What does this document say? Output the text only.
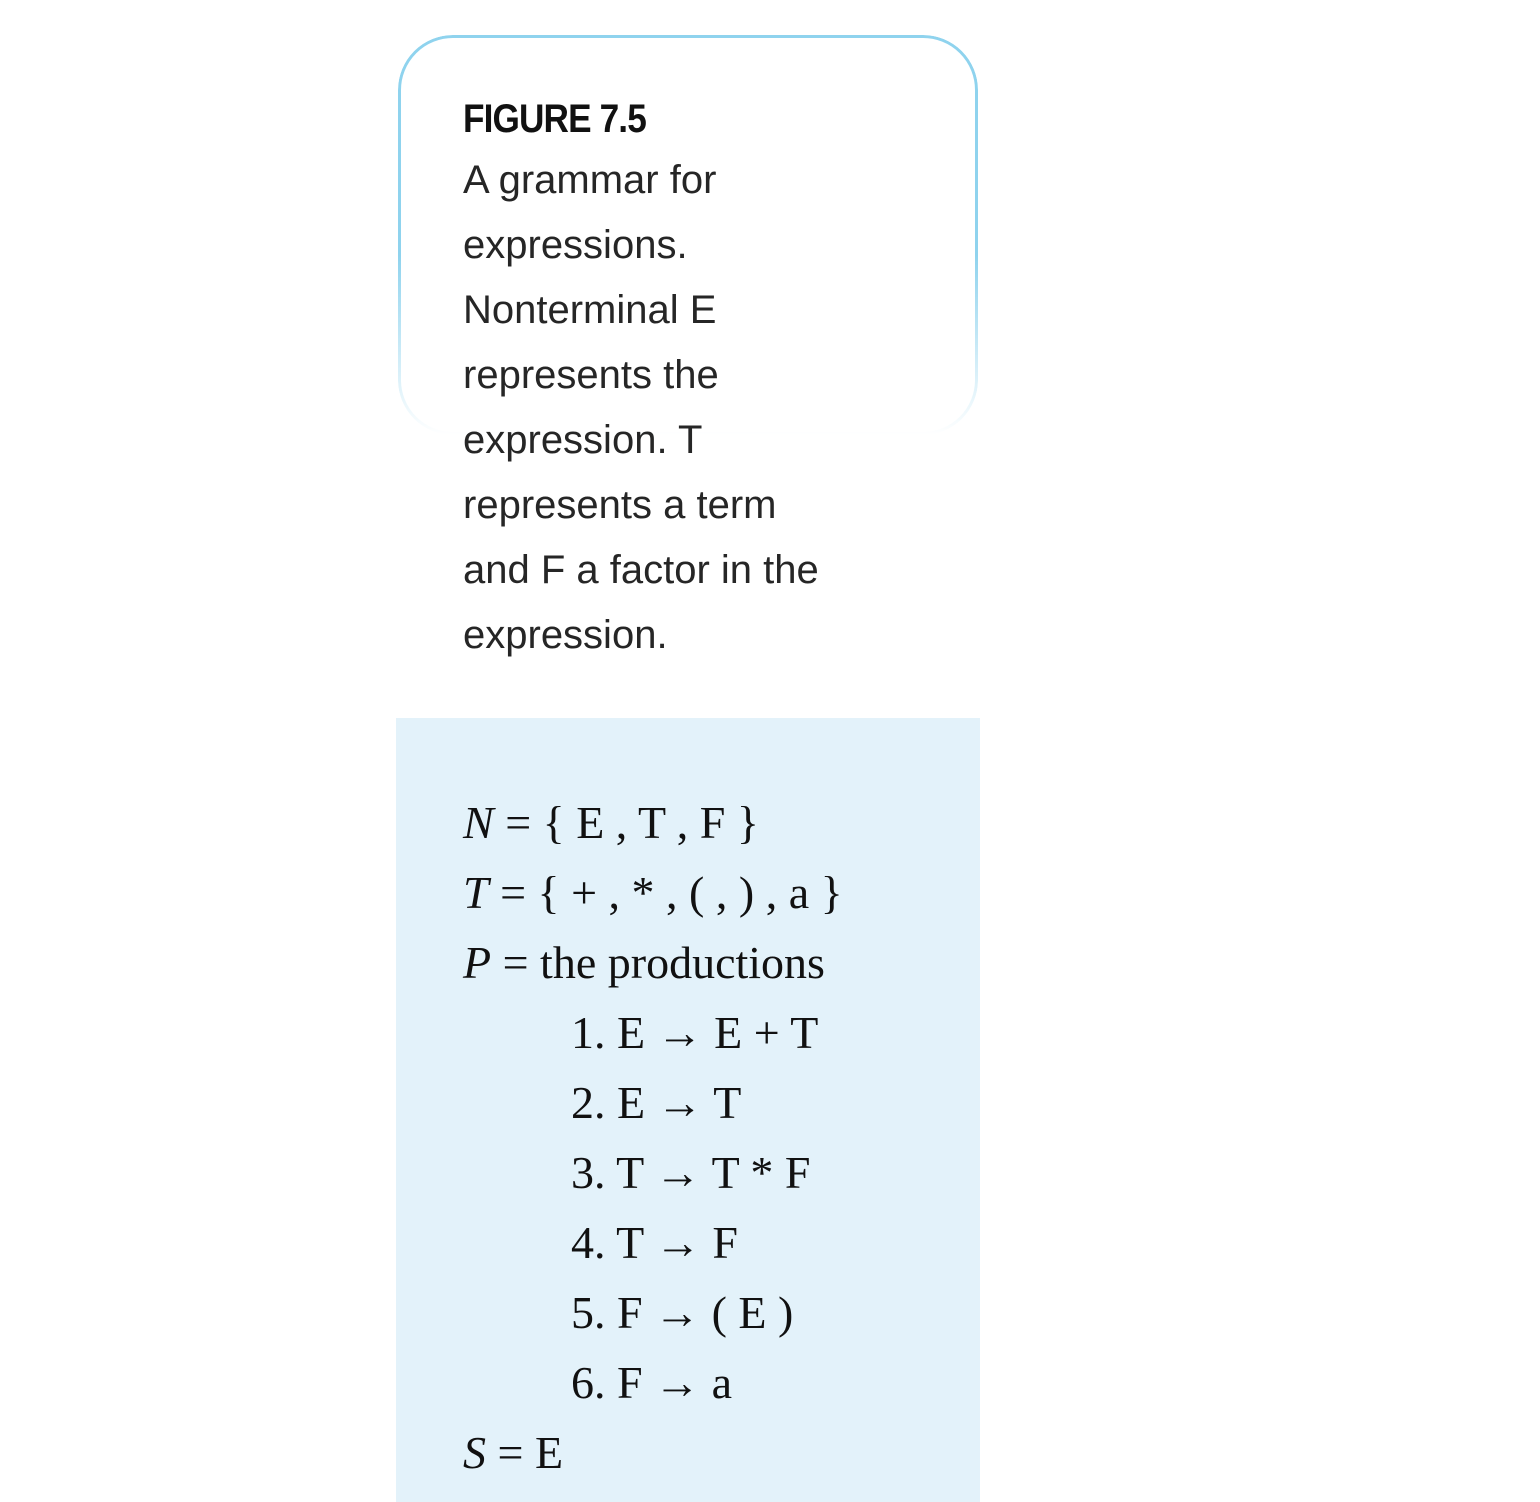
FIGURE 7.5
A grammar for
expressions.
Nonterminal E
represents the
expression. T
represents a term
and F a factor in the
expression.
N = { E , T , F }
T = { + , * , ( , ) , a }
P = the productions
1. E → E + T
2. E → T
3. T → T * F
4. T → F
5. F → ( E )
6. F → a
S = E
